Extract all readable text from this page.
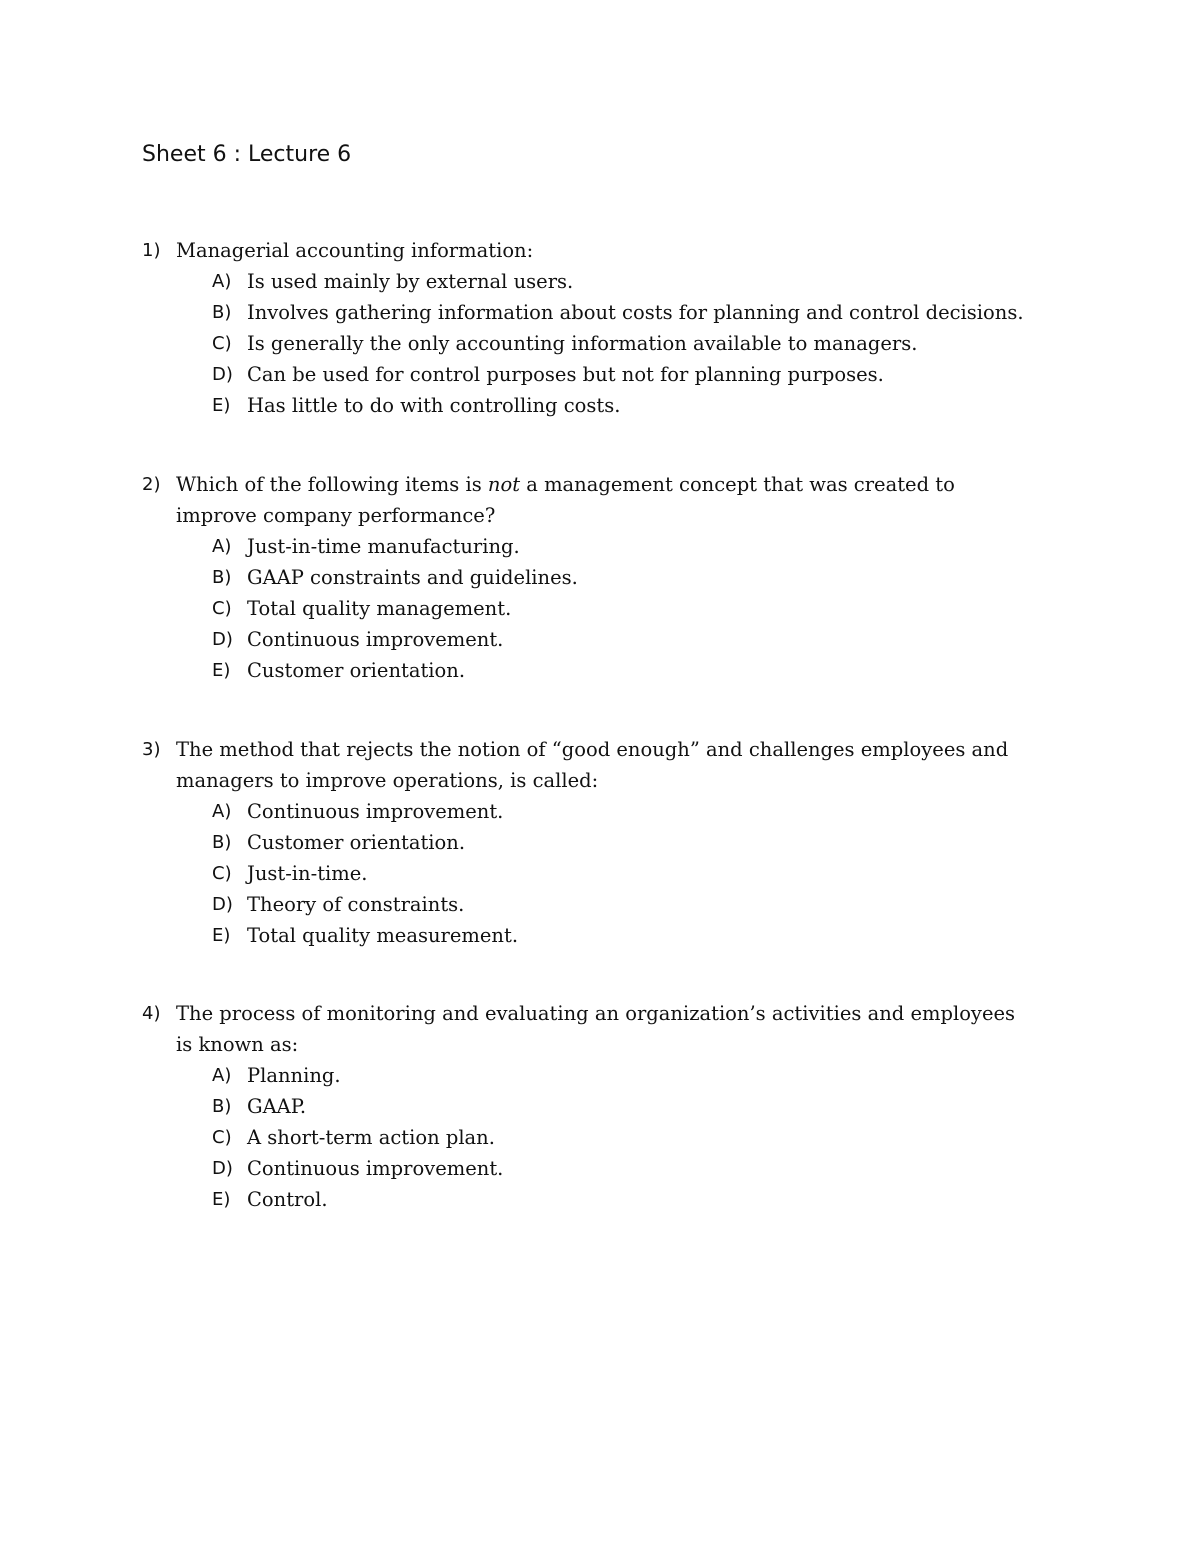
Sheet 6 : Lecture 6
1) Managerial accounting information:
A) Is used mainly by external users.
B) Involves gathering information about costs for planning and control decisions.
C) Is generally the only accounting information available to managers.
D) Can be used for control purposes but not for planning purposes.
E) Has little to do with controlling costs.
2) Which of the following items is not a management concept that was created to improve company performance?
A) Just-in-time manufacturing.
B) GAAP constraints and guidelines.
C) Total quality management.
D) Continuous improvement.
E) Customer orientation.
3) The method that rejects the notion of “good enough” and challenges employees and managers to improve operations, is called:
A) Continuous improvement.
B) Customer orientation.
C) Just-in-time.
D) Theory of constraints.
E) Total quality measurement.
4) The process of monitoring and evaluating an organization’s activities and employees is known as:
A) Planning.
B) GAAP.
C) A short-term action plan.
D) Continuous improvement.
E) Control.
